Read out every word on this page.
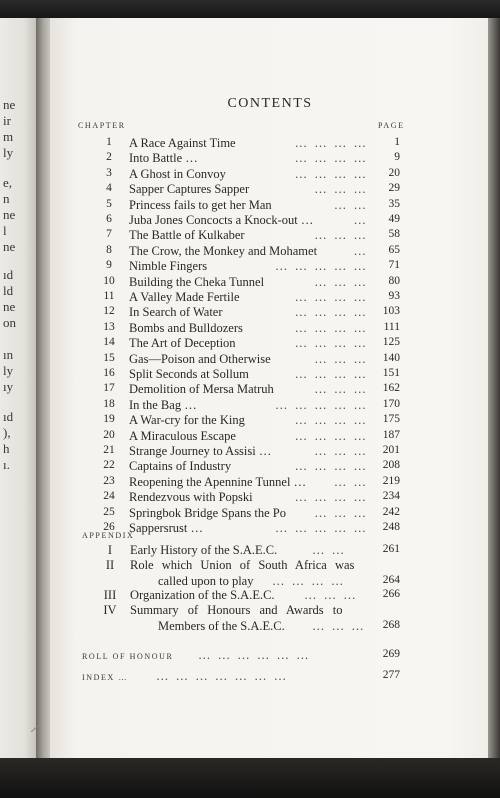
ne
ir
m
ly
e,
n
ne
l
ne
ıd
ld
ne
on
ın
ly
ıy
ıd
),
h
ı.
CONTENTS
CHAPTER	PAGE
1	A Race Against Time	… … … …	1
2	Into Battle …	… … … …	9
3	A Ghost in Convoy	… … … …	20
4	Sapper Captures Sapper	… … …	29
5	Princess fails to get her Man	… …	35
6	Juba Jones Concocts a Knock-out …	…	49
7	The Battle of Kulkaber	… … …	58
8	The Crow, the Monkey and Mohamet	…	65
9	Nimble Fingers	… … … … …	71
10	Building the Cheka Tunnel	… … …	80
11	A Valley Made Fertile	… … … …	93
12	In Search of Water	… … … …	103
13	Bombs and Bulldozers	… … … …	111
14	The Art of Deception	… … … …	125
15	Gas—Poison and Otherwise	… … …	140
16	Split Seconds at Sollum	… … … …	151
17	Demolition of Mersa Matruh	… … …	162
18	In the Bag …	… … … … …	170
19	A War-cry for the King	… … … …	175
20	A Miraculous Escape	… … … …	187
21	Strange Journey to Assisi …	… … …	201
22	Captains of Industry	… … … …	208
23	Reopening the Apennine Tunnel … … …	219
24	Rendezvous with Popski	… … … …	234
25	Springbok Bridge Spans the Po … … …	242
26	Sappersrust …	… … … … …	248
APPENDIX
I	Early History of the S.A.E.C.	… …	261
II	Role which Union of South Africa was
called upon to play … … … …	264
III	Organization of the S.A.E.C. … … …	266
IV Summary of Honours and Awards to
Members of the S.A.E.C. … … …	268
ROLL OF HONOUR … … … … … …	269
INDEX … … … … … … … …	277
